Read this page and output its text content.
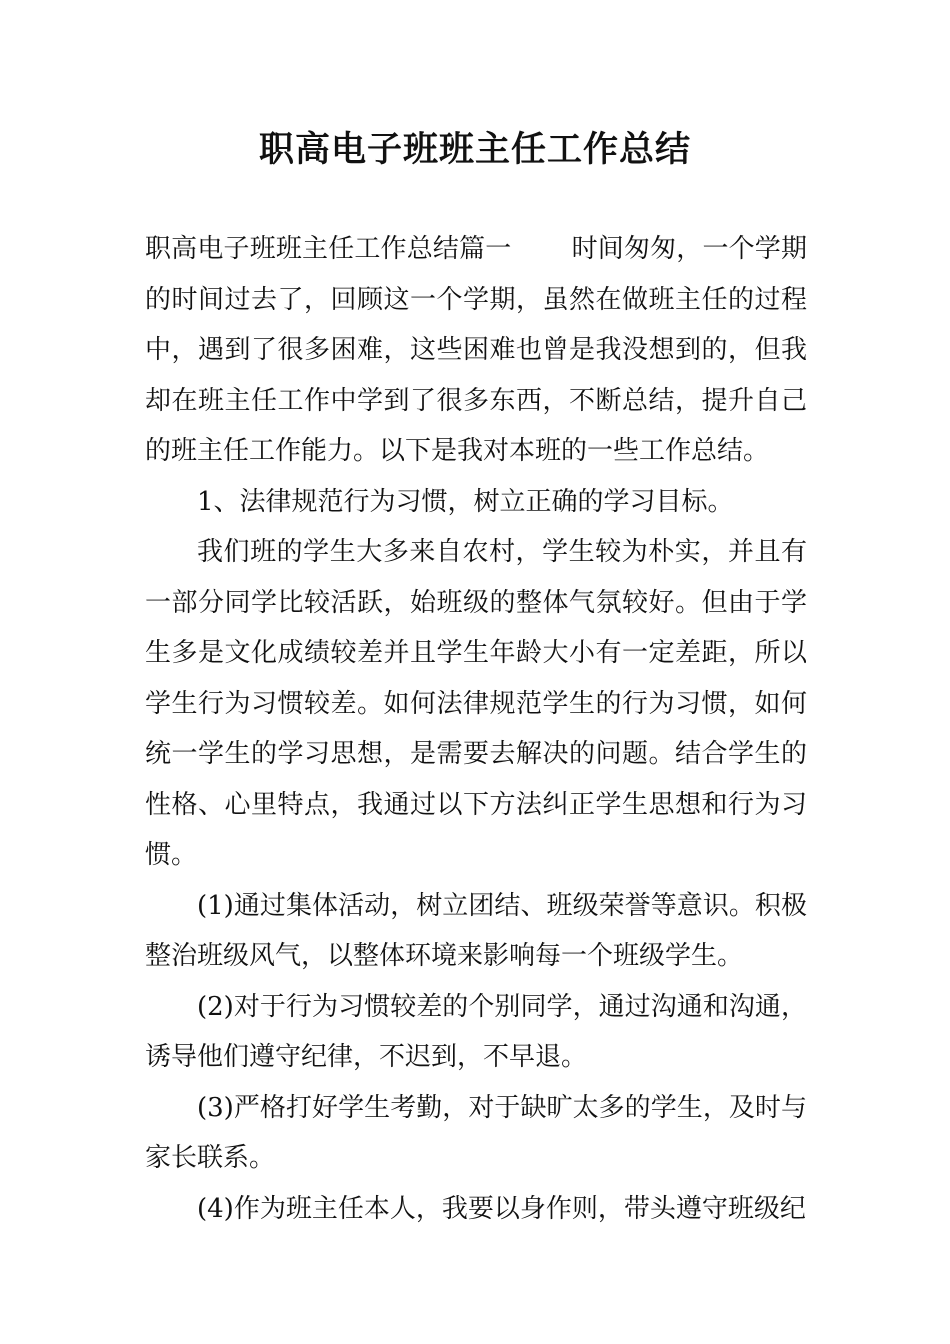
职高电子班班主任工作总结

职高电子班班主任工作总结篇一 时间匆匆，一个学期的时间过去了，回顾这一个学期，虽然在做班主任的过程中，遇到了很多困难，这些困难也曾是我没想到的，但我却在班主任工作中学到了很多东西，不断总结，提升自己的班主任工作能力。以下是我对本班的一些工作总结。

1、法律规范行为习惯，树立正确的学习目标。

我们班的学生大多来自农村，学生较为朴实，并且有一部分同学比较活跃，始班级的整体气氛较好。但由于学生多是文化成绩较差并且学生年龄大小有一定差距，所以学生行为习惯较差。如何法律规范学生的行为习惯，如何统一学生的学习思想，是需要去解决的问题。结合学生的性格、心里特点，我通过以下方法纠正学生思想和行为习惯。

(1)通过集体活动，树立团结、班级荣誉等意识。积极整治班级风气，以整体环境来影响每一个班级学生。

(2)对于行为习惯较差的个别同学，通过沟通和沟通，诱导他们遵守纪律，不迟到，不早退。

(3)严格打好学生考勤，对于缺旷太多的学生，及时与家长联系。

(4)作为班主任本人，我要以身作则，带头遵守班级纪
